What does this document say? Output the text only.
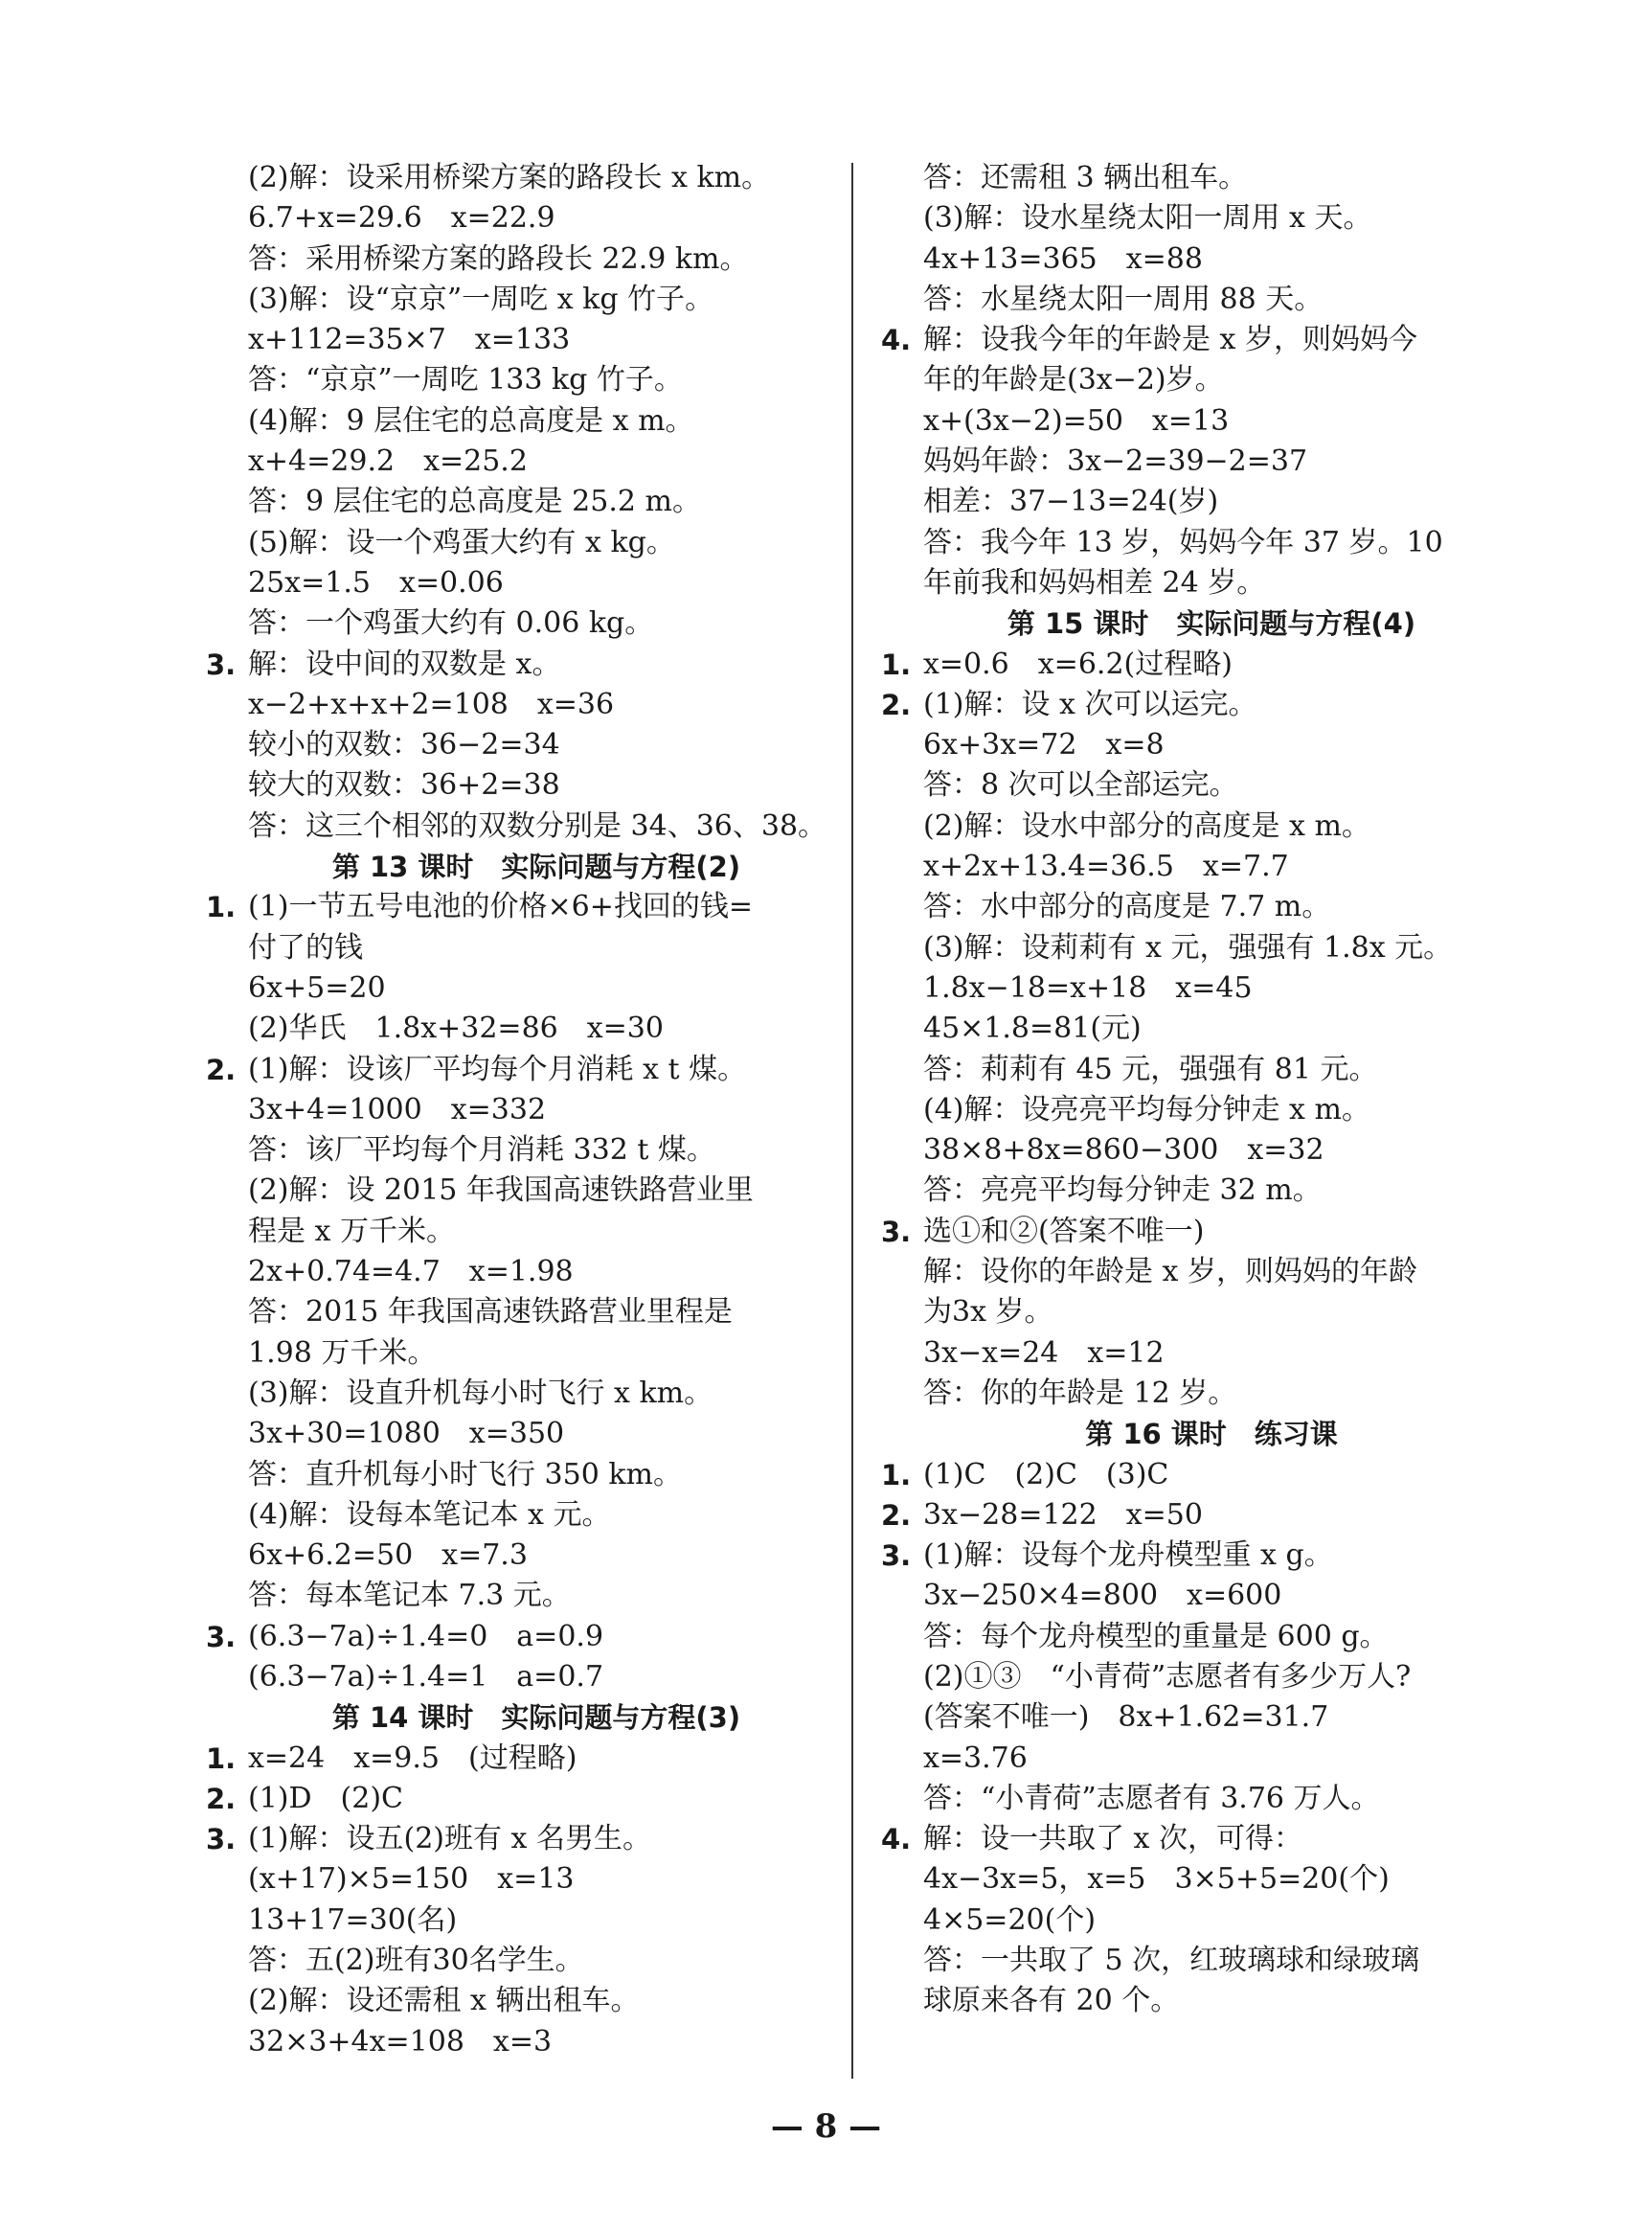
(2)解：设采用桥梁方案的路段长 x km。
6.7+x=29.6　x=22.9
答：采用桥梁方案的路段长 22.9 km。
(3)解：设“京京”一周吃 x kg 竹子。
x+112=35×7　x=133
答：“京京”一周吃 133 kg 竹子。
(4)解：9 层住宅的总高度是 x m。
x+4=29.2　x=25.2
答：9 层住宅的总高度是 25.2 m。
(5)解：设一个鸡蛋大约有 x kg。
25x=1.5　x=0.06
答：一个鸡蛋大约有 0.06 kg。
3. 解：设中间的双数是 x。
x−2+x+x+2=108　x=36
较小的双数：36−2=34
较大的双数：36+2=38
答：这三个相邻的双数分别是 34、36、38。
第 13 课时　实际问题与方程(2)
1. (1)一节五号电池的价格×6+找回的钱=
付了的钱
6x+5=20
(2)华氏　1.8x+32=86　x=30
2. (1)解：设该厂平均每个月消耗 x t 煤。
3x+4=1000　x=332
答：该厂平均每个月消耗 332 t 煤。
(2)解：设 2015 年我国高速铁路营业里
程是 x 万千米。
2x+0.74=4.7　x=1.98
答：2015 年我国高速铁路营业里程是
1.98 万千米。
(3)解：设直升机每小时飞行 x km。
3x+30=1080　x=350
答：直升机每小时飞行 350 km。
(4)解：设每本笔记本 x 元。
6x+6.2=50　x=7.3
答：每本笔记本 7.3 元。
3. (6.3−7a)÷1.4=0　a=0.9
(6.3−7a)÷1.4=1　a=0.7
第 14 课时　实际问题与方程(3)
1. x=24　x=9.5　(过程略)
2. (1)D　(2)C
3. (1)解：设五(2)班有 x 名男生。
(x+17)×5=150　x=13
13+17=30(名)
答：五(2)班有30名学生。
(2)解：设还需租 x 辆出租车。
32×3+4x=108　x=3
答：还需租 3 辆出租车。
(3)解：设水星绕太阳一周用 x 天。
4x+13=365　x=88
答：水星绕太阳一周用 88 天。
4. 解：设我今年的年龄是 x 岁，则妈妈今
年的年龄是(3x−2)岁。
x+(3x−2)=50　x=13
妈妈年龄：3x−2=39−2=37
相差：37−13=24(岁)
答：我今年 13 岁，妈妈今年 37 岁。10
年前我和妈妈相差 24 岁。
第 15 课时　实际问题与方程(4)
1. x=0.6　x=6.2(过程略)
2. (1)解：设 x 次可以运完。
6x+3x=72　x=8
答：8 次可以全部运完。
(2)解：设水中部分的高度是 x m。
x+2x+13.4=36.5　x=7.7
答：水中部分的高度是 7.7 m。
(3)解：设莉莉有 x 元，强强有 1.8x 元。
1.8x−18=x+18　x=45
45×1.8=81(元)
答：莉莉有 45 元，强强有 81 元。
(4)解：设亮亮平均每分钟走 x m。
38×8+8x=860−300　x=32
答：亮亮平均每分钟走 32 m。
3. 选①和②(答案不唯一)
解：设你的年龄是 x 岁，则妈妈的年龄
为3x 岁。
3x−x=24　x=12
答：你的年龄是 12 岁。
第 16 课时　练习课
1. (1)C　(2)C　(3)C
2. 3x−28=122　x=50
3. (1)解：设每个龙舟模型重 x g。
3x−250×4=800　x=600
答：每个龙舟模型的重量是 600 g。
(2)①③　“小青荷”志愿者有多少万人?
(答案不唯一)　8x+1.62=31.7
x=3.76
答：“小青荷”志愿者有 3.76 万人。
4. 解：设一共取了 x 次，可得：
4x−3x=5，x=5　3×5+5=20(个)
4×5=20(个)
答：一共取了 5 次，红玻璃球和绿玻璃
球原来各有 20 个。
— 8 —
